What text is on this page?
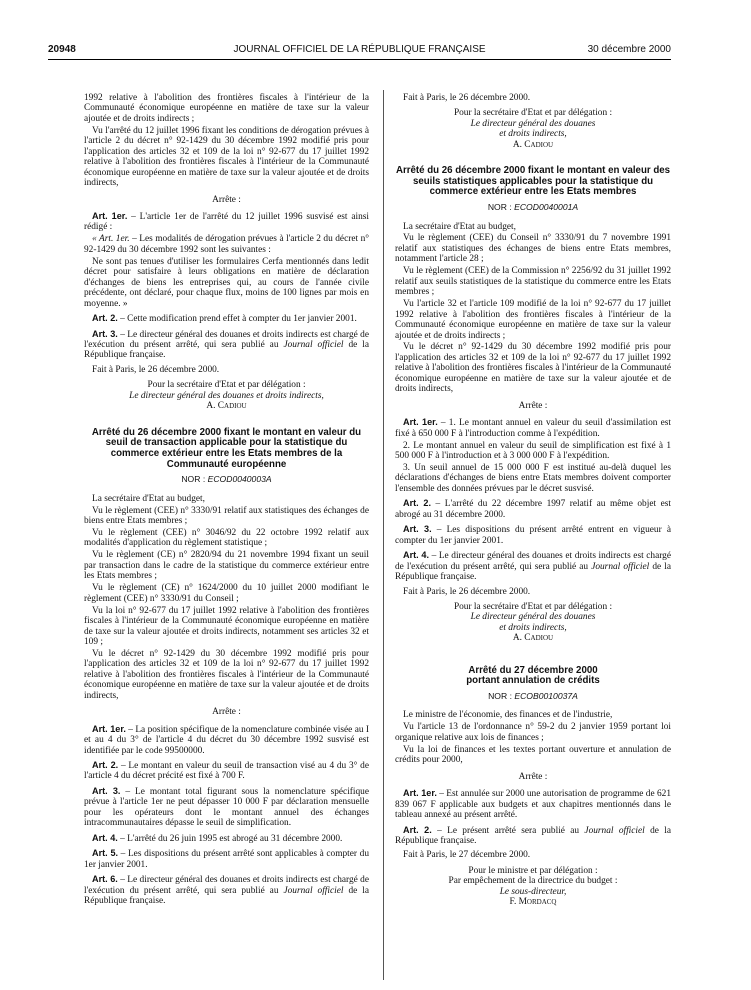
20948	JOURNAL OFFICIEL DE LA RÉPUBLIQUE FRANÇAISE	30 décembre 2000

1992 relative à l'abolition des frontières fiscales à l'intérieur de la Communauté économique européenne en matière de taxe sur la valeur ajoutée et de droits indirects ;

Vu l'arrêté du 12 juillet 1996 fixant les conditions de dérogation prévues à l'article 2 du décret n° 92-1429 du 30 décembre 1992 modifié pris pour l'application des articles 32 et 109 de la loi n° 92-677 du 17 juillet 1992 relative à l'abolition des frontières fiscales à l'intérieur de la Communauté économique européenne en matière de taxe sur la valeur ajoutée et de droits indirects,

Arrête :

Art. 1er. – L'article 1er de l'arrêté du 12 juillet 1996 susvisé est ainsi rédigé :

« Art. 1er. – Les modalités de dérogation prévues à l'article 2 du décret n° 92-1429 du 30 décembre 1992 sont les suivantes :

Ne sont pas tenues d'utiliser les formulaires Cerfa mentionnés dans ledit décret pour satisfaire à leurs obligations en matière de déclaration d'échanges de biens les entreprises qui, au cours de l'année civile précédente, ont déclaré, pour chaque flux, moins de 100 lignes par mois en moyenne. »

Art. 2. – Cette modification prend effet à compter du 1er janvier 2001.

Art. 3. – Le directeur général des douanes et droits indirects est chargé de l'exécution du présent arrêté, qui sera publié au Journal officiel de la République française.

Fait à Paris, le 26 décembre 2000.

Pour la secrétaire d'Etat et par délégation :
Le directeur général des douanes et droits indirects,
A. Cadiou
Arrêté du 26 décembre 2000 fixant le montant en valeur du seuil de transaction applicable pour la statistique du commerce extérieur entre les Etats membres de la Communauté européenne
NOR : ECOD0040003A

La secrétaire d'Etat au budget,

Vu le règlement (CEE) n° 3330/91 relatif aux statistiques des échanges de biens entre Etats membres ;

Vu le règlement (CEE) n° 3046/92 du 22 octobre 1992 relatif aux modalités d'application du règlement statistique ;

Vu le règlement (CE) n° 2820/94 du 21 novembre 1994 fixant un seuil par transaction dans le cadre de la statistique du commerce extérieur entre les Etats membres ;

Vu le règlement (CE) n° 1624/2000 du 10 juillet 2000 modifiant le règlement (CEE) n° 3330/91 du Conseil ;

Vu la loi n° 92-677 du 17 juillet 1992 relative à l'abolition des frontières fiscales à l'intérieur de la Communauté économique européenne en matière de taxe sur la valeur ajoutée et droits indirects, notamment ses articles 32 et 109 ;

Vu le décret n° 92-1429 du 30 décembre 1992 modifié pris pour l'application des articles 32 et 109 de la loi n° 92-677 du 17 juillet 1992 relative à l'abolition des frontières fiscales à l'intérieur de la Communauté économique européenne en matière de taxe sur la valeur ajoutée et de droits indirects,

Arrête :

Art. 1er. – La position spécifique de la nomenclature combinée visée au I et au 4 du 3° de l'article 4 du décret du 30 décembre 1992 susvisé est identifiée par le code 99500000.

Art. 2. – Le montant en valeur du seuil de transaction visé au 4 du 3° de l'article 4 du décret précité est fixé à 700 F.

Art. 3. – Le montant total figurant sous la nomenclature spécifique prévue à l'article 1er ne peut dépasser 10 000 F par déclaration mensuelle pour les opérateurs dont le montant annuel des échanges intracommunautaires dépasse le seuil de simplification.

Art. 4. – L'arrêté du 26 juin 1995 est abrogé au 31 décembre 2000.

Art. 5. – Les dispositions du présent arrêté sont applicables à compter du 1er janvier 2001.

Art. 6. – Le directeur général des douanes et droits indirects est chargé de l'exécution du présent arrêté, qui sera publié au Journal officiel de la République française.

Fait à Paris, le 26 décembre 2000.

Pour la secrétaire d'Etat et par délégation :
Le directeur général des douanes
et droits indirects,
A. Cadiou
Arrêté du 26 décembre 2000 fixant le montant en valeur des seuils statistiques applicables pour la statistique du commerce extérieur entre les Etats membres
NOR : ECOD0040001A

La secrétaire d'Etat au budget,

Vu le règlement (CEE) du Conseil n° 3330/91 du 7 novembre 1991 relatif aux statistiques des échanges de biens entre Etats membres, notamment l'article 28 ;

Vu le règlement (CEE) de la Commission n° 2256/92 du 31 juillet 1992 relatif aux seuils statistiques de la statistique du commerce entre les Etats membres ;

Vu l'article 32 et l'article 109 modifié de la loi n° 92-677 du 17 juillet 1992 relative à l'abolition des frontières fiscales à l'intérieur de la Communauté économique européenne en matière de taxe sur la valeur ajoutée et de droits indirects ;

Vu le décret n° 92-1429 du 30 décembre 1992 modifié pris pour l'application des articles 32 et 109 de la loi n° 92-677 du 17 juillet 1992 relative à l'abolition des frontières fiscales à l'intérieur de la Communauté économique européenne en matière de taxe sur la valeur ajoutée et de droits indirects,

Arrête :

Art. 1er. – 1. Le montant annuel en valeur du seuil d'assimilation est fixé à 650 000 F à l'introduction comme à l'expédition.

2. Le montant annuel en valeur du seuil de simplification est fixé à 1 500 000 F à l'introduction et à 3 000 000 F à l'expédition.

3. Un seuil annuel de 15 000 000 F est institué au-delà duquel les déclarations d'échanges de biens entre Etats membres doivent comporter l'ensemble des données prévues par le décret susvisé.

Art. 2. – L'arrêté du 22 décembre 1997 relatif au même objet est abrogé au 31 décembre 2000.

Art. 3. – Les dispositions du présent arrêté entrent en vigueur à compter du 1er janvier 2001.

Art. 4. – Le directeur général des douanes et droits indirects est chargé de l'exécution du présent arrêté, qui sera publié au Journal officiel de la République française.

Fait à Paris, le 26 décembre 2000.

Pour la secrétaire d'Etat et par délégation :
Le directeur général des douanes
et droits indirects,
A. Cadiou
Arrêté du 27 décembre 2000
portant annulation de crédits
NOR : ECOB0010037A

Le ministre de l'économie, des finances et de l'industrie,

Vu l'article 13 de l'ordonnance n° 59-2 du 2 janvier 1959 portant loi organique relative aux lois de finances ;

Vu la loi de finances et les textes portant ouverture et annulation de crédits pour 2000,

Arrête :

Art. 1er. – Est annulée sur 2000 une autorisation de programme de 621 839 067 F applicable aux budgets et aux chapitres mentionnés dans le tableau annexé au présent arrêté.

Art. 2. – Le présent arrêté sera publié au Journal officiel de la République française.

Fait à Paris, le 27 décembre 2000.

Pour le ministre et par délégation :
Par empêchement de la directrice du budget :
Le sous-directeur,
F. Mordacq
